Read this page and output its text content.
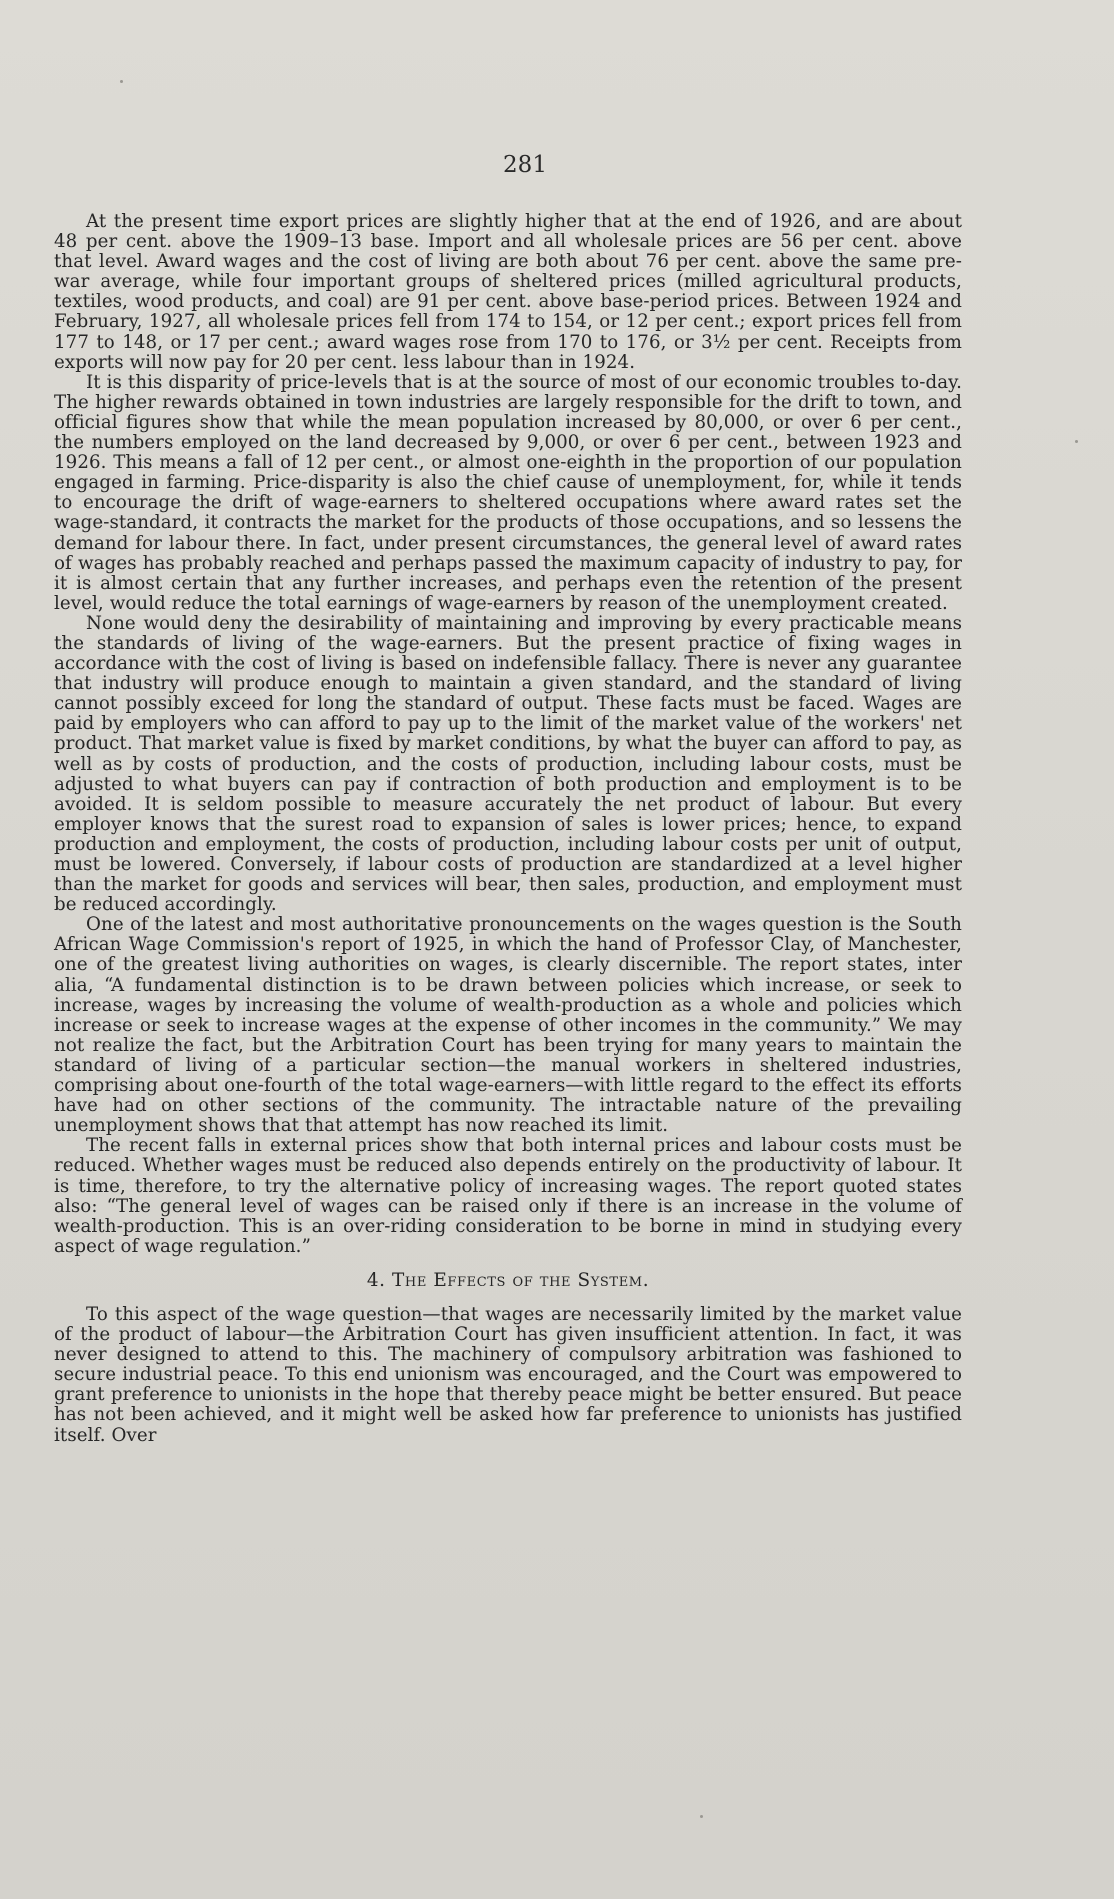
281

At the present time export prices are slightly higher that at the end of 1926, and are about 48 per cent. above the 1909–13 base. Import and all wholesale prices are 56 per cent. above that level. Award wages and the cost of living are both about 76 per cent. above the same pre-war average, while four important groups of sheltered prices (milled agricultural products, textiles, wood products, and coal) are 91 per cent. above base-period prices. Between 1924 and February, 1927, all wholesale prices fell from 174 to 154, or 12 per cent.; export prices fell from 177 to 148, or 17 per cent.; award wages rose from 170 to 176, or 3½ per cent. Receipts from exports will now pay for 20 per cent. less labour than in 1924.

It is this disparity of price-levels that is at the source of most of our economic troubles to-day. The higher rewards obtained in town industries are largely responsible for the drift to town, and official figures show that while the mean population increased by 80,000, or over 6 per cent., the numbers employed on the land decreased by 9,000, or over 6 per cent., between 1923 and 1926. This means a fall of 12 per cent., or almost one-eighth in the proportion of our population engaged in farming. Price-disparity is also the chief cause of unemployment, for, while it tends to encourage the drift of wage-earners to sheltered occupations where award rates set the wage-standard, it contracts the market for the products of those occupations, and so lessens the demand for labour there. In fact, under present circumstances, the general level of award rates of wages has probably reached and perhaps passed the maximum capacity of industry to pay, for it is almost certain that any further increases, and perhaps even the retention of the present level, would reduce the total earnings of wage-earners by reason of the unemployment created.

None would deny the desirability of maintaining and improving by every practicable means the standards of living of the wage-earners. But the present practice of fixing wages in accordance with the cost of living is based on indefensible fallacy. There is never any guarantee that industry will produce enough to maintain a given standard, and the standard of living cannot possibly exceed for long the standard of output. These facts must be faced. Wages are paid by employers who can afford to pay up to the limit of the market value of the workers' net product. That market value is fixed by market conditions, by what the buyer can afford to pay, as well as by costs of production, and the costs of production, including labour costs, must be adjusted to what buyers can pay if contraction of both production and employment is to be avoided. It is seldom possible to measure accurately the net product of labour. But every employer knows that the surest road to expansion of sales is lower prices; hence, to expand production and employment, the costs of production, including labour costs per unit of output, must be lowered. Conversely, if labour costs of production are standardized at a level higher than the market for goods and services will bear, then sales, production, and employment must be reduced accordingly.

One of the latest and most authoritative pronouncements on the wages question is the South African Wage Commission's report of 1925, in which the hand of Professor Clay, of Manchester, one of the greatest living authorities on wages, is clearly discernible. The report states, inter alia, “A fundamental distinction is to be drawn between policies which increase, or seek to increase, wages by increasing the volume of wealth-production as a whole and policies which increase or seek to increase wages at the expense of other incomes in the community.” We may not realize the fact, but the Arbitration Court has been trying for many years to maintain the standard of living of a particular section—the manual workers in sheltered industries, comprising about one-fourth of the total wage-earners—with little regard to the effect its efforts have had on other sections of the community. The intractable nature of the prevailing unemployment shows that that attempt has now reached its limit.

The recent falls in external prices show that both internal prices and labour costs must be reduced. Whether wages must be reduced also depends entirely on the productivity of labour. It is time, therefore, to try the alternative policy of increasing wages. The report quoted states also: “The general level of wages can be raised only if there is an increase in the volume of wealth-production. This is an over-riding consideration to be borne in mind in studying every aspect of wage regulation.”

4. The Effects of the System.

To this aspect of the wage question—that wages are necessarily limited by the market value of the product of labour—the Arbitration Court has given insufficient attention. In fact, it was never designed to attend to this. The machinery of compulsory arbitration was fashioned to secure industrial peace. To this end unionism was encouraged, and the Court was empowered to grant preference to unionists in the hope that thereby peace might be better ensured. But peace has not been achieved, and it might well be asked how far preference to unionists has justified itself. Over
